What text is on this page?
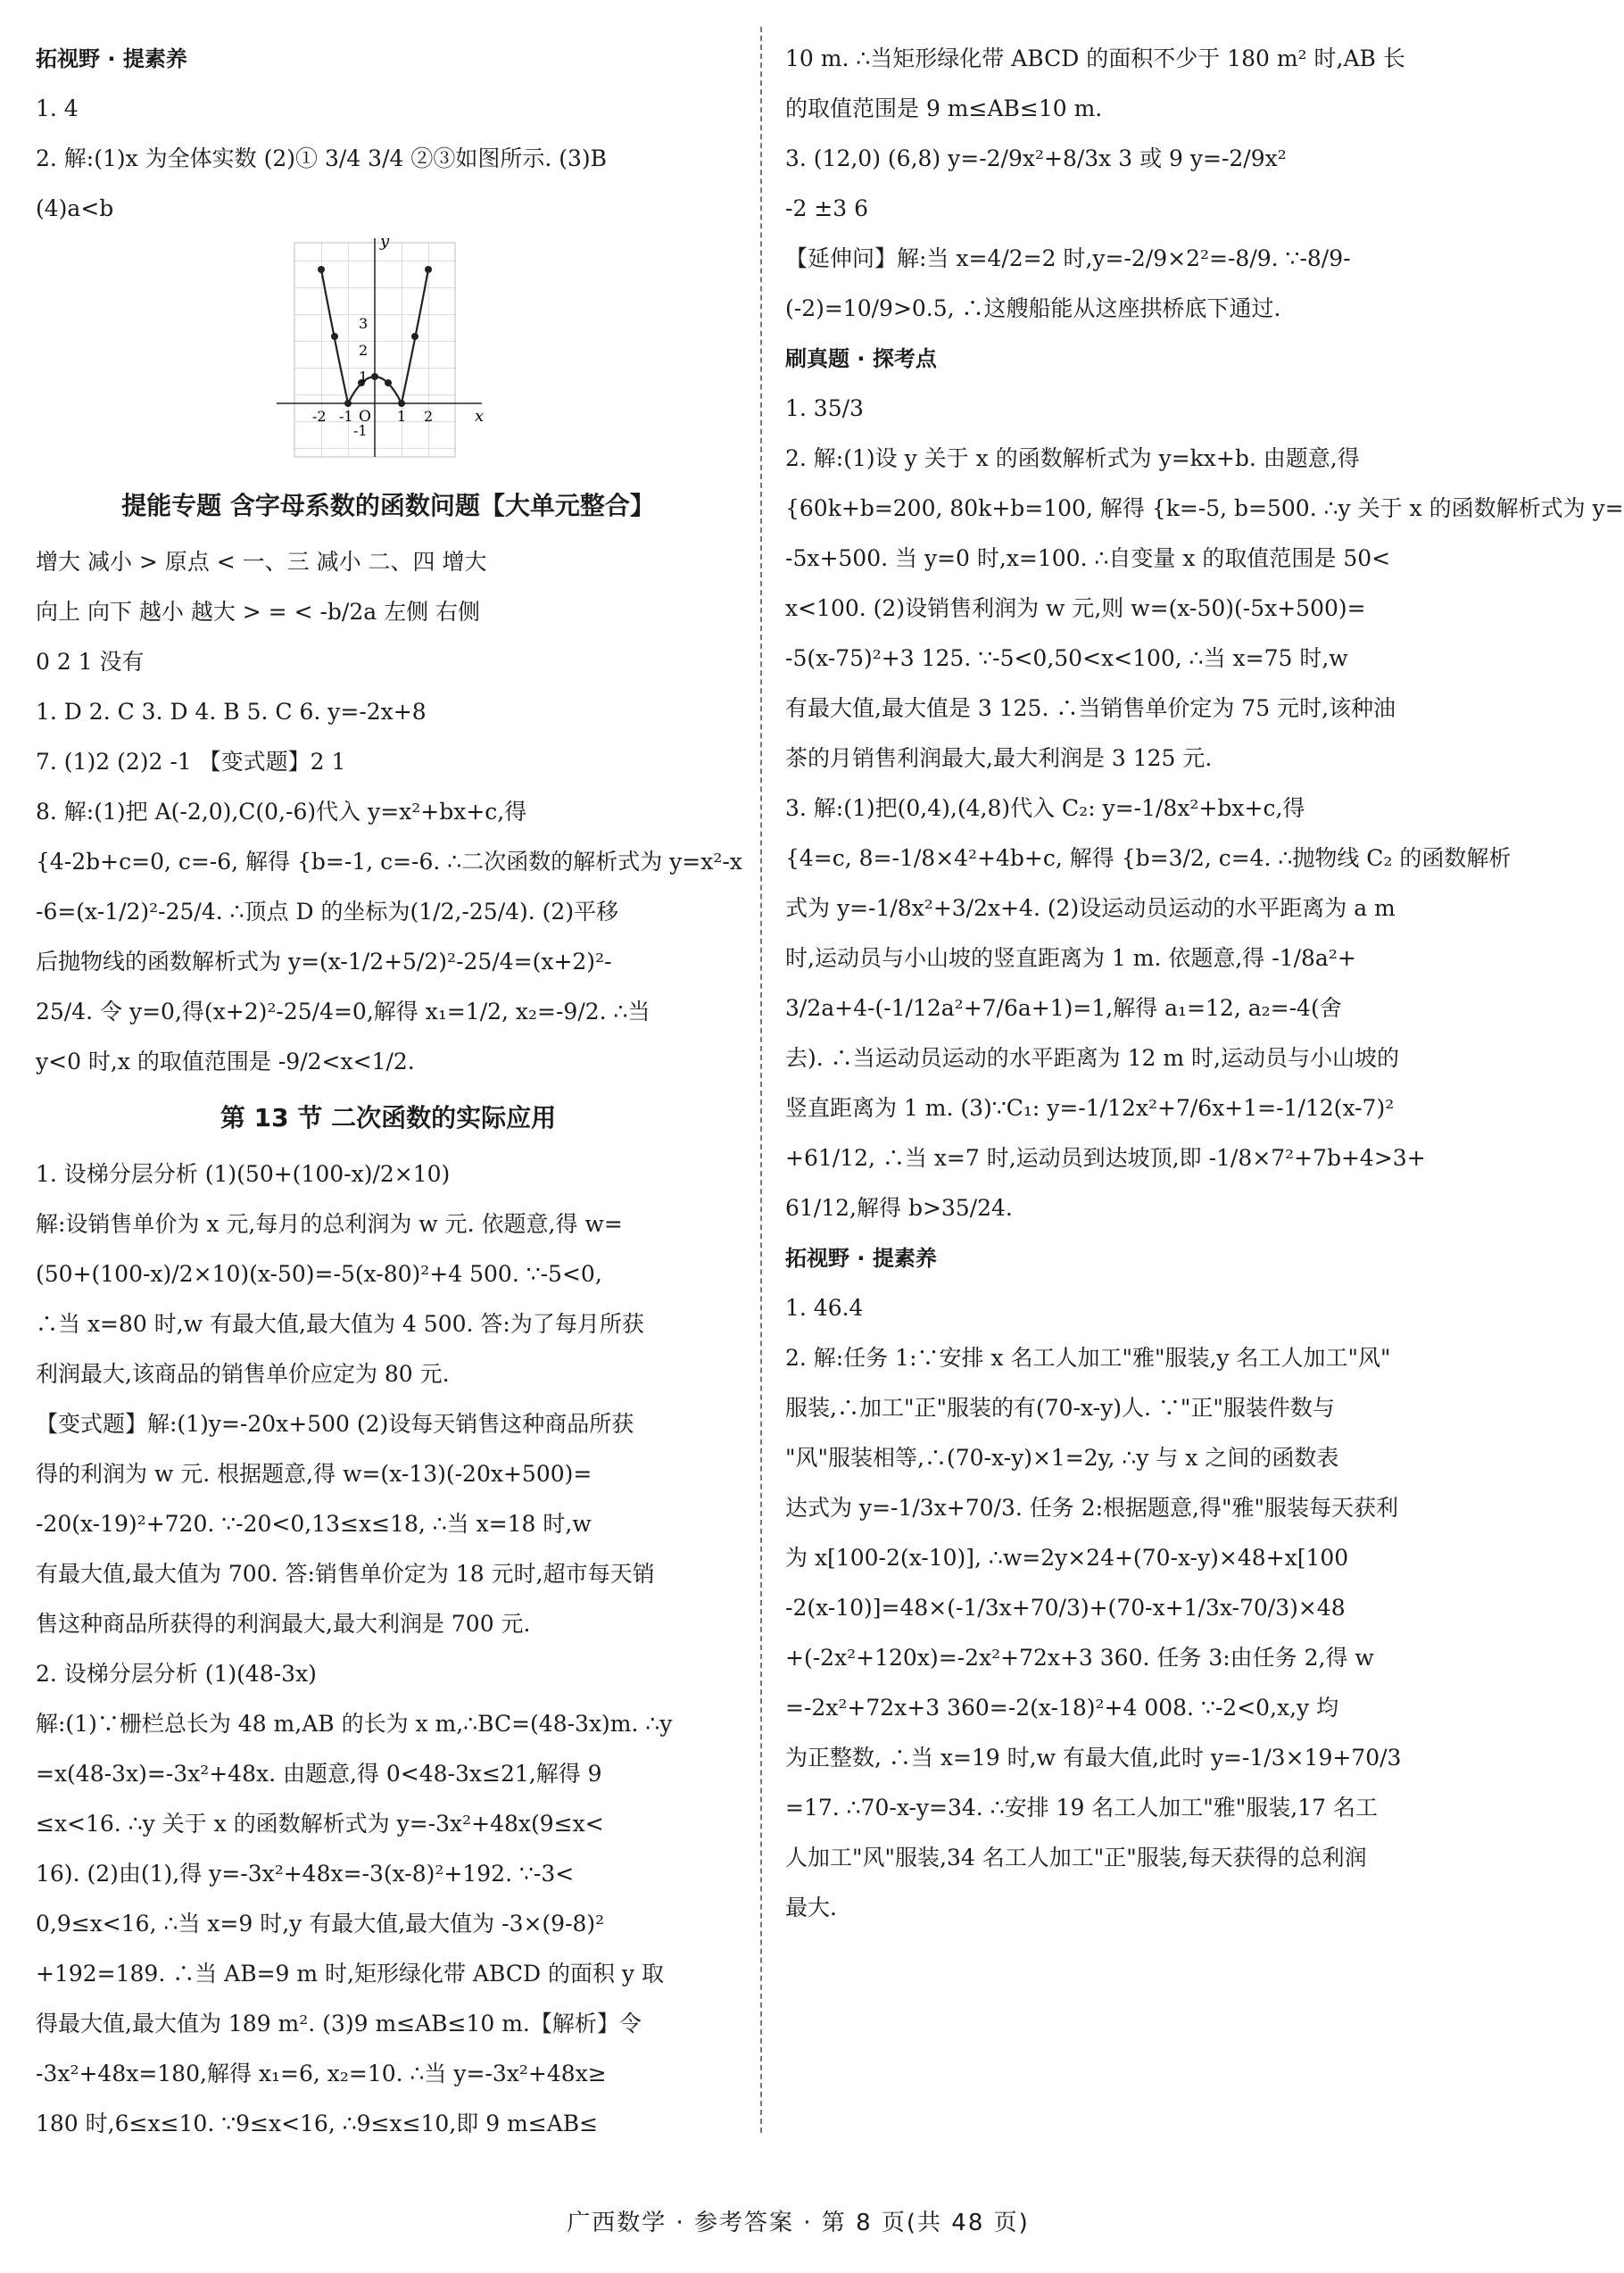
拓视野 · 提素养
1. 4
2. 解:(1)x 为全体实数 (2)① 3/4 3/4 ②③如图所示. (3)B
(4)a<b
y
x
O
-2 -1	1 2
3
2
1
-1
提能专题 含字母系数的函数问题【大单元整合】
增大 减小 > 原点 < 一、三 减小 二、四 增大
向上 向下 越小 越大 > = < -b/2a 左侧 右侧
0 2 1 没有
1. D 2. C 3. D 4. B 5. C 6. y=-2x+8
7. (1)2 (2)2 -1 【变式题】2 1
8. 解:(1)把 A(-2,0),C(0,-6)代入 y=x²+bx+c,得
{4-2b+c=0, c=-6, 解得 {b=-1, c=-6. ∴二次函数的解析式为 y=x²-x
-6=(x-1/2)²-25/4. ∴顶点 D 的坐标为(1/2,-25/4). (2)平移
后抛物线的函数解析式为 y=(x-1/2+5/2)²-25/4=(x+2)²-
25/4. 令 y=0,得(x+2)²-25/4=0,解得 x₁=1/2, x₂=-9/2. ∴当
y<0 时,x 的取值范围是 -9/2<x<1/2.
第 13 节 二次函数的实际应用
1. 设梯分层分析 (1)(50+(100-x)/2×10)
解:设销售单价为 x 元,每月的总利润为 w 元. 依题意,得 w=
(50+(100-x)/2×10)(x-50)=-5(x-80)²+4 500. ∵-5<0,
∴当 x=80 时,w 有最大值,最大值为 4 500. 答:为了每月所获
利润最大,该商品的销售单价应定为 80 元.
【变式题】解:(1)y=-20x+500 (2)设每天销售这种商品所获
得的利润为 w 元. 根据题意,得 w=(x-13)(-20x+500)=
-20(x-19)²+720. ∵-20<0,13≤x≤18, ∴当 x=18 时,w
有最大值,最大值为 700. 答:销售单价定为 18 元时,超市每天销
售这种商品所获得的利润最大,最大利润是 700 元.
2. 设梯分层分析 (1)(48-3x)
解:(1)∵栅栏总长为 48 m,AB 的长为 x m,∴BC=(48-3x)m. ∴y
=x(48-3x)=-3x²+48x. 由题意,得 0<48-3x≤21,解得 9
≤x<16. ∴y 关于 x 的函数解析式为 y=-3x²+48x(9≤x<
16). (2)由(1),得 y=-3x²+48x=-3(x-8)²+192. ∵-3<
0,9≤x<16, ∴当 x=9 时,y 有最大值,最大值为 -3×(9-8)²
+192=189. ∴当 AB=9 m 时,矩形绿化带 ABCD 的面积 y 取
得最大值,最大值为 189 m². (3)9 m≤AB≤10 m.【解析】令
-3x²+48x=180,解得 x₁=6, x₂=10. ∴当 y=-3x²+48x≥
180 时,6≤x≤10. ∵9≤x<16, ∴9≤x≤10,即 9 m≤AB≤
10 m. ∴当矩形绿化带 ABCD 的面积不少于 180 m² 时,AB 长
的取值范围是 9 m≤AB≤10 m.
3. (12,0) (6,8) y=-2/9x²+8/3x 3 或 9 y=-2/9x²
-2 ±3 6
【延伸问】解:当 x=4/2=2 时,y=-2/9×2²=-8/9. ∵-8/9-
(-2)=10/9>0.5, ∴这艘船能从这座拱桥底下通过.
刷真题 · 探考点
1. 35/3
2. 解:(1)设 y 关于 x 的函数解析式为 y=kx+b. 由题意,得
{60k+b=200, 80k+b=100, 解得 {k=-5, b=500. ∴y 关于 x 的函数解析式为 y=
-5x+500. 当 y=0 时,x=100. ∴自变量 x 的取值范围是 50<
x<100. (2)设销售利润为 w 元,则 w=(x-50)(-5x+500)=
-5(x-75)²+3 125. ∵-5<0,50<x<100, ∴当 x=75 时,w
有最大值,最大值是 3 125. ∴当销售单价定为 75 元时,该种油
茶的月销售利润最大,最大利润是 3 125 元.
3. 解:(1)把(0,4),(4,8)代入 C₂: y=-1/8x²+bx+c,得
{4=c, 8=-1/8×4²+4b+c, 解得 {b=3/2, c=4. ∴抛物线 C₂ 的函数解析
式为 y=-1/8x²+3/2x+4. (2)设运动员运动的水平距离为 a m
时,运动员与小山坡的竖直距离为 1 m. 依题意,得 -1/8a²+
3/2a+4-(-1/12a²+7/6a+1)=1,解得 a₁=12, a₂=-4(舍
去). ∴当运动员运动的水平距离为 12 m 时,运动员与小山坡的
竖直距离为 1 m. (3)∵C₁: y=-1/12x²+7/6x+1=-1/12(x-7)²
+61/12, ∴当 x=7 时,运动员到达坡顶,即 -1/8×7²+7b+4>3+
61/12,解得 b>35/24.
拓视野 · 提素养
1. 46.4
2. 解:任务 1:∵安排 x 名工人加工"雅"服装,y 名工人加工"风"
服装,∴加工"正"服装的有(70-x-y)人. ∵"正"服装件数与
"风"服装相等,∴(70-x-y)×1=2y, ∴y 与 x 之间的函数表
达式为 y=-1/3x+70/3. 任务 2:根据题意,得"雅"服装每天获利
为 x[100-2(x-10)], ∴w=2y×24+(70-x-y)×48+x[100
-2(x-10)]=48×(-1/3x+70/3)+(70-x+1/3x-70/3)×48
+(-2x²+120x)=-2x²+72x+3 360. 任务 3:由任务 2,得 w
=-2x²+72x+3 360=-2(x-18)²+4 008. ∵-2<0,x,y 均
为正整数, ∴当 x=19 时,w 有最大值,此时 y=-1/3×19+70/3
=17. ∴70-x-y=34. ∴安排 19 名工人加工"雅"服装,17 名工
人加工"风"服装,34 名工人加工"正"服装,每天获得的总利润
最大.
广西数学 · 参考答案 · 第 8 页(共 48 页)
